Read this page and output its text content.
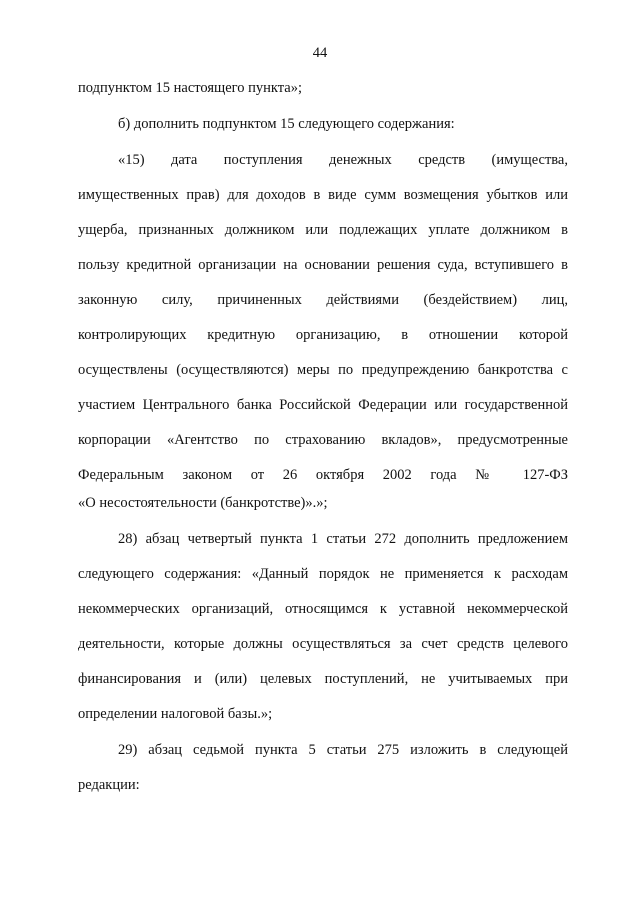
44
подпунктом 15 настоящего пункта»;
б) дополнить подпунктом 15 следующего содержания:
«15) дата поступления денежных средств (имущества,
имущественных прав) для доходов в виде сумм возмещения убытков или
ущерба, признанных должником или подлежащих уплате должником в
пользу кредитной организации на основании решения суда, вступившего в
законную силу, причиненных действиями (бездействием) лиц,
контролирующих кредитную организацию, в отношении которой
осуществлены (осуществляются) меры по предупреждению банкротства с
участием Центрального банка Российской Федерации или государственной
корпорации «Агентство по страхованию вкладов», предусмотренные
Федеральным законом от 26 октября 2002 года № 127-ФЗ
«О несостоятельности (банкротстве)».»;
28) абзац четвертый пункта 1 статьи 272 дополнить предложением
следующего содержания: «Данный порядок не применяется к расходам
некоммерческих организаций, относящимся к уставной некоммерческой
деятельности, которые должны осуществляться за счет средств целевого
финансирования и (или) целевых поступлений, не учитываемых при
определении налоговой базы.»;
29) абзац седьмой пункта 5 статьи 275 изложить в следующей
редакции:
